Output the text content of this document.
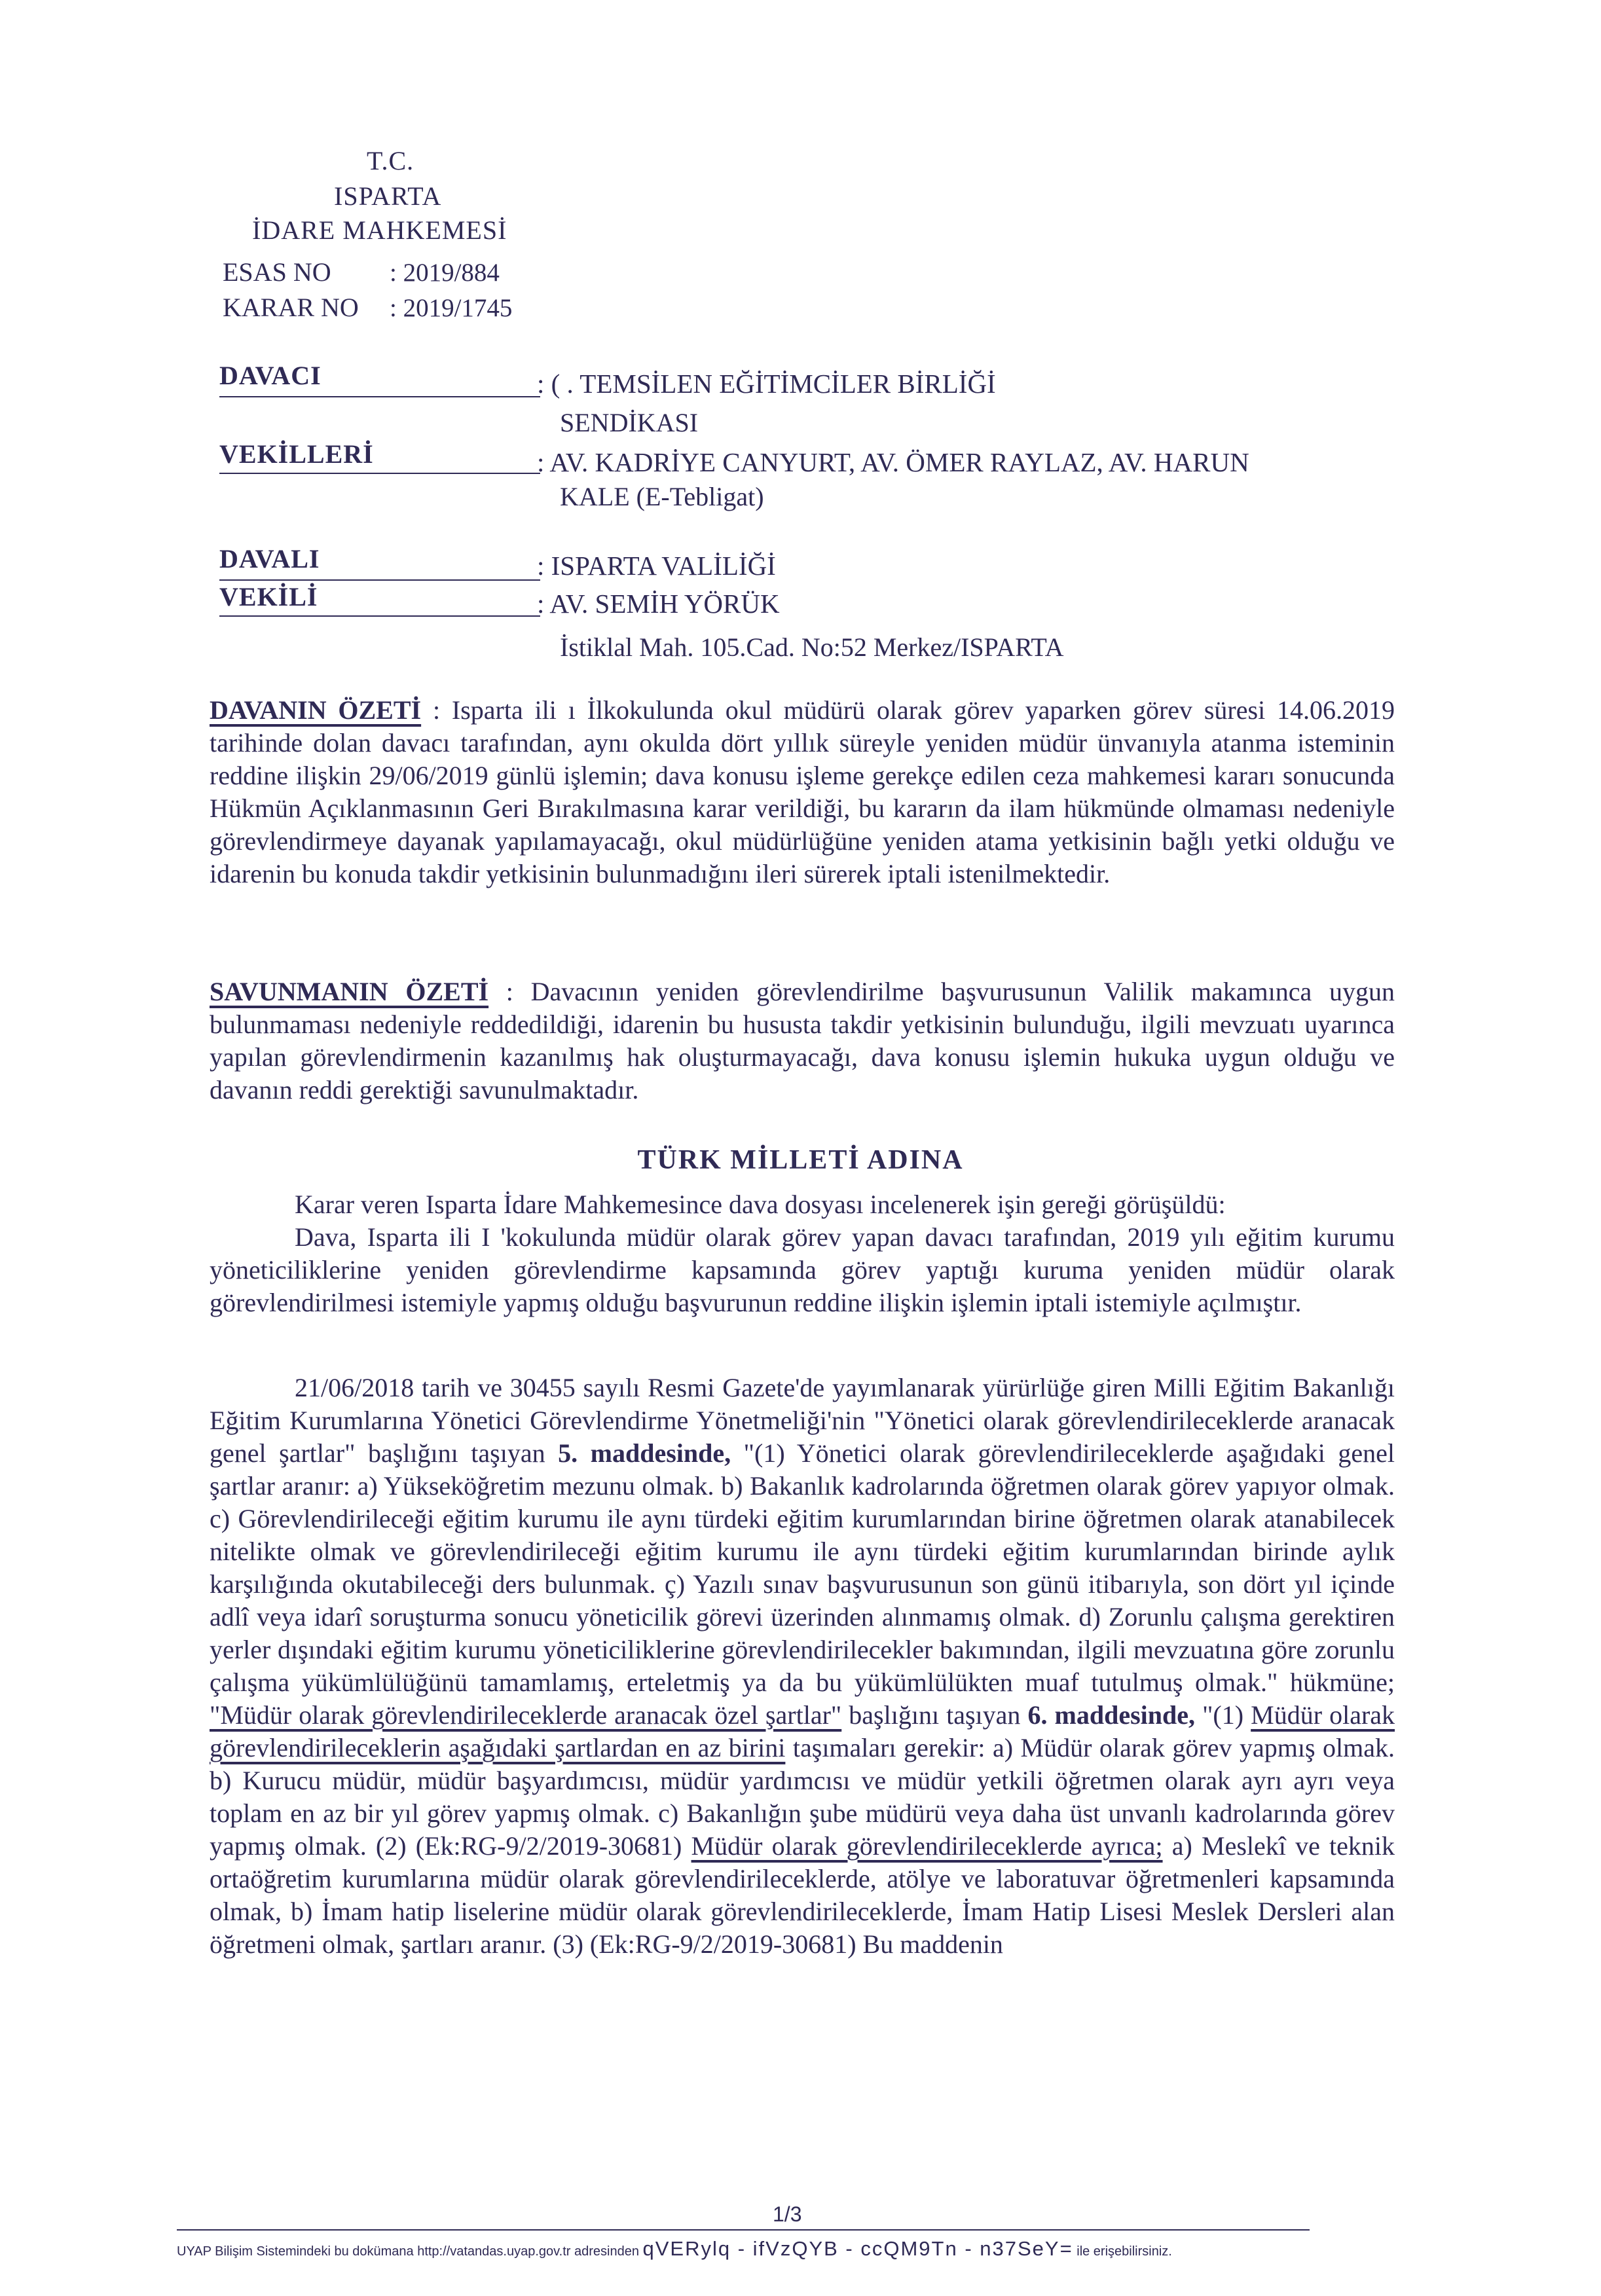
T.C.
ISPARTA
İDARE MAHKEMESİ
ESAS NO : 2019/884
KARAR NO : 2019/1745
DAVACI	: ( . TEMSİLEN EĞİTİMCİLER BİRLİĞİ
SENDİKASI
VEKİLLERİ	: AV. KADRİYE CANYURT, AV. ÖMER RAYLAZ, AV. HARUN
KALE (E-Tebligat)
DAVALI	: ISPARTA VALİLİĞİ
VEKİLİ	: AV. SEMİH YÖRÜK
İstiklal Mah. 105.Cad. No:52 Merkez/ISPARTA
DAVANIN ÖZETİ : Isparta ili ı İlkokulunda okul müdürü olarak görev yaparken görev süresi 14.06.2019 tarihinde dolan davacı tarafından, aynı okulda dört yıllık süreyle yeniden müdür ünvanıyla atanma isteminin reddine ilişkin 29/06/2019 günlü işlemin; dava konusu işleme gerekçe edilen ceza mahkemesi kararı sonucunda Hükmün Açıklanmasının Geri Bırakılmasına karar verildiği, bu kararın da ilam hükmünde olmaması nedeniyle görevlendirmeye dayanak yapılamayacağı, okul müdürlüğüne yeniden atama yetkisinin bağlı yetki olduğu ve idarenin bu konuda takdir yetkisinin bulunmadığını ileri sürerek iptali istenilmektedir.
SAVUNMANIN ÖZETİ : Davacının yeniden görevlendirilme başvurusunun Valilik makamınca uygun bulunmaması nedeniyle reddedildiği, idarenin bu hususta takdir yetkisinin bulunduğu, ilgili mevzuatı uyarınca yapılan görevlendirmenin kazanılmış hak oluşturmayacağı, dava konusu işlemin hukuka uygun olduğu ve davanın reddi gerektiği savunulmaktadır.
TÜRK MİLLETİ ADINA
Karar veren Isparta İdare Mahkemesince dava dosyası incelenerek işin gereği görüşüldü:
Dava, Isparta ili I 'kokulunda müdür olarak görev yapan davacı tarafından, 2019 yılı eğitim kurumu yöneticiliklerine yeniden görevlendirme kapsamında görev yaptığı kuruma yeniden müdür olarak görevlendirilmesi istemiyle yapmış olduğu başvurunun reddine ilişkin işlemin iptali istemiyle açılmıştır.
21/06/2018 tarih ve 30455 sayılı Resmi Gazete'de yayımlanarak yürürlüğe giren Milli Eğitim Bakanlığı Eğitim Kurumlarına Yönetici Görevlendirme Yönetmeliği'nin "Yönetici olarak görevlendirileceklerde aranacak genel şartlar" başlığını taşıyan 5. maddesinde, "(1) Yönetici olarak görevlendirileceklerde aşağıdaki genel şartlar aranır: a) Yükseköğretim mezunu olmak. b) Bakanlık kadrolarında öğretmen olarak görev yapıyor olmak. c) Görevlendirileceği eğitim kurumu ile aynı türdeki eğitim kurumlarından birine öğretmen olarak atanabilecek nitelikte olmak ve görevlendirileceği eğitim kurumu ile aynı türdeki eğitim kurumlarından birinde aylık karşılığında okutabileceği ders bulunmak. ç) Yazılı sınav başvurusunun son günü itibarıyla, son dört yıl içinde adlî veya idarî soruşturma sonucu yöneticilik görevi üzerinden alınmamış olmak. d) Zorunlu çalışma gerektiren yerler dışındaki eğitim kurumu yöneticiliklerine görevlendirilecekler bakımından, ilgili mevzuatına göre zorunlu çalışma yükümlülüğünü tamamlamış, erteletmiş ya da bu yükümlülükten muaf tutulmuş olmak." hükmüne; "Müdür olarak görevlendirileceklerde aranacak özel şartlar" başlığını taşıyan 6. maddesinde, "(1) Müdür olarak görevlendirileceklerin aşağıdaki şartlardan en az birini taşımaları gerekir: a) Müdür olarak görev yapmış olmak. b) Kurucu müdür, müdür başyardımcısı, müdür yardımcısı ve müdür yetkili öğretmen olarak ayrı ayrı veya toplam en az bir yıl görev yapmış olmak. c) Bakanlığın şube müdürü veya daha üst unvanlı kadrolarında görev yapmış olmak. (2) (Ek:RG-9/2/2019-30681) Müdür olarak görevlendirileceklerde ayrıca; a) Meslekî ve teknik ortaöğretim kurumlarına müdür olarak görevlendirileceklerde, atölye ve laboratuvar öğretmenleri kapsamında olmak, b) İmam hatip liselerine müdür olarak görevlendirileceklerde, İmam Hatip Lisesi Meslek Dersleri alan öğretmeni olmak, şartları aranır. (3) (Ek:RG-9/2/2019-30681) Bu maddenin
1/3
UYAP Bilişim Sistemindeki bu dokümana http://vatandas.uyap.gov.tr adresinden qVERylq - ifVzQYB - ccQM9Tn - n37SeY= ile erişebilirsiniz.
